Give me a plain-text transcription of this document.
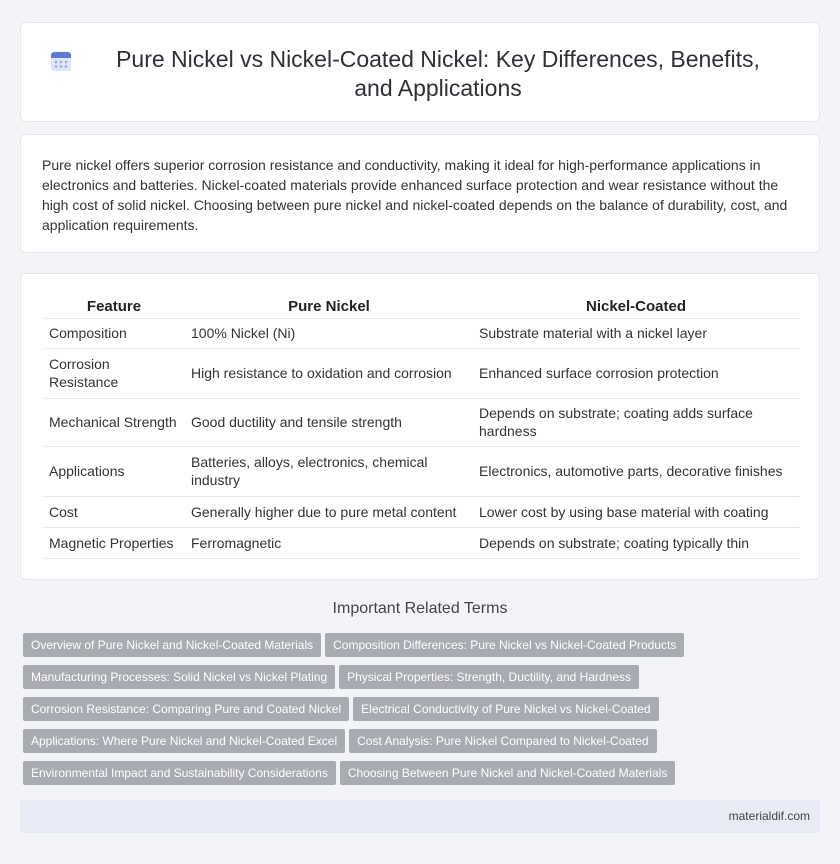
Pure Nickel vs Nickel-Coated Nickel: Key Differences, Benefits, and Applications

Pure nickel offers superior corrosion resistance and conductivity, making it ideal for high-performance applications in electronics and batteries. Nickel-coated materials provide enhanced surface protection and wear resistance without the high cost of solid nickel. Choosing between pure nickel and nickel-coated depends on the balance of durability, cost, and application requirements.

Feature	Pure Nickel	Nickel-Coated
Composition	100% Nickel (Ni)	Substrate material with a nickel layer
Corrosion Resistance	High resistance to oxidation and corrosion	Enhanced surface corrosion protection
Mechanical Strength	Good ductility and tensile strength	Depends on substrate; coating adds surface hardness
Applications	Batteries, alloys, electronics, chemical industry	Electronics, automotive parts, decorative finishes
Cost	Generally higher due to pure metal content	Lower cost by using base material with coating
Magnetic Properties	Ferromagnetic	Depends on substrate; coating typically thin
Important Related Terms
Overview of Pure Nickel and Nickel-Coated Materials Composition Differences: Pure Nickel vs Nickel-Coated Products
Manufacturing Processes: Solid Nickel vs Nickel Plating Physical Properties: Strength, Ductility, and Hardness
Corrosion Resistance: Comparing Pure and Coated Nickel Electrical Conductivity of Pure Nickel vs Nickel-Coated
Applications: Where Pure Nickel and Nickel-Coated Excel Cost Analysis: Pure Nickel Compared to Nickel-Coated
Environmental Impact and Sustainability Considerations Choosing Between Pure Nickel and Nickel-Coated Materials
materialdif.com
